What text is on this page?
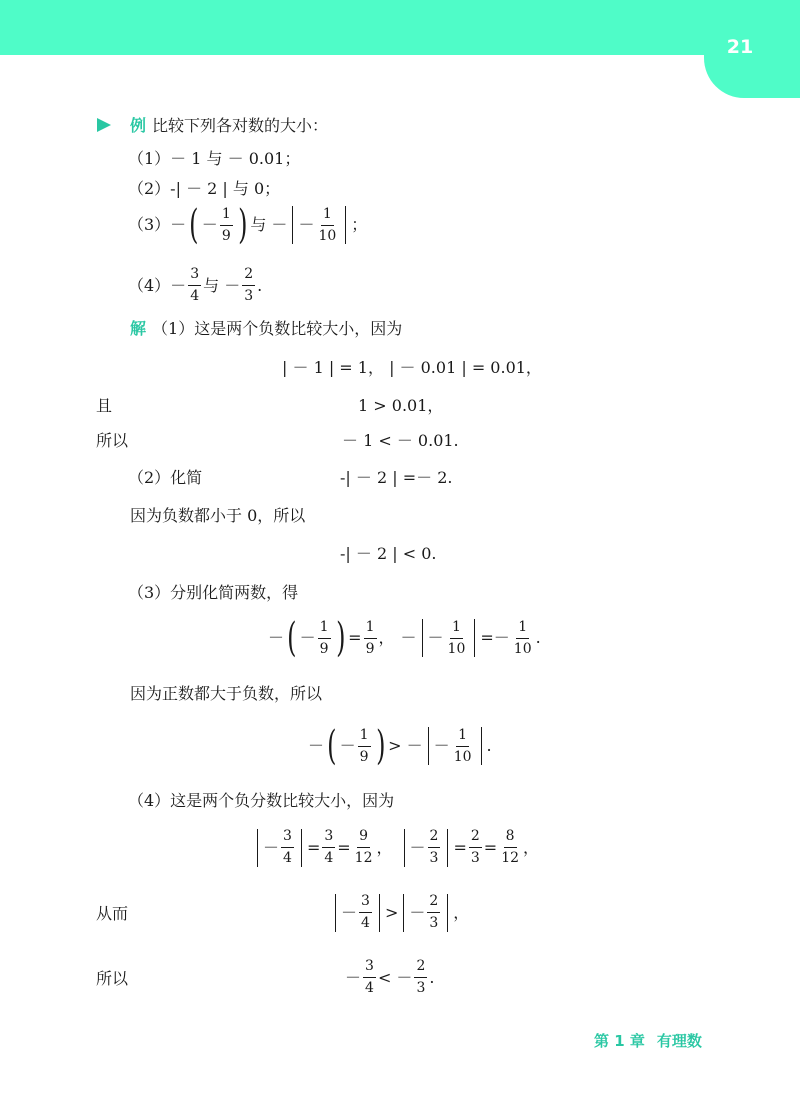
21
例 比较下列各对数的大小：
（1）－ 1 与 － 0.01；
（2）-| － 2 | 与 0；
（3）－ ( － $\frac{1}{9}$ ) 与 － － $\frac{1}{10}$ ；
$(4)- \frac{3}{4}$ 与 － $\frac{2}{3}$ .
解 （1）这是两个负数比较大小，因为
| － 1 | = 1， | － 0.01 | = 0.01，
且	1 > 0.01，
所以	－ 1 < － 0.01.
（2）化简	-| － 2 | =－ 2.
因为负数都小于 0，所以
-| － 2 | < 0.
（3）分别化简两数，得
－ ( － $\frac{1}{9}$ ) = $\frac{1}{9}$ ， － － $\frac{1}{10} =- \frac{1}{10}$ .
因为正数都大于负数，所以
－ ( － $\frac{1}{9}$ ) > － － $\frac{1}{10}$ .
（4）这是两个负分数比较大小，因为
－ $\frac{3}{4} = \frac{3}{4} = \frac{9}{12}$ ， － $\frac{2}{3} = \frac{2}{3} = \frac{8}{12}$ ，
从而	－ $\frac{3}{4}$ > － $\frac{2}{3}$ ，
所以	－ $\frac{3}{4}$ < － $\frac{2}{3}$ .
第 1 章 有理数
